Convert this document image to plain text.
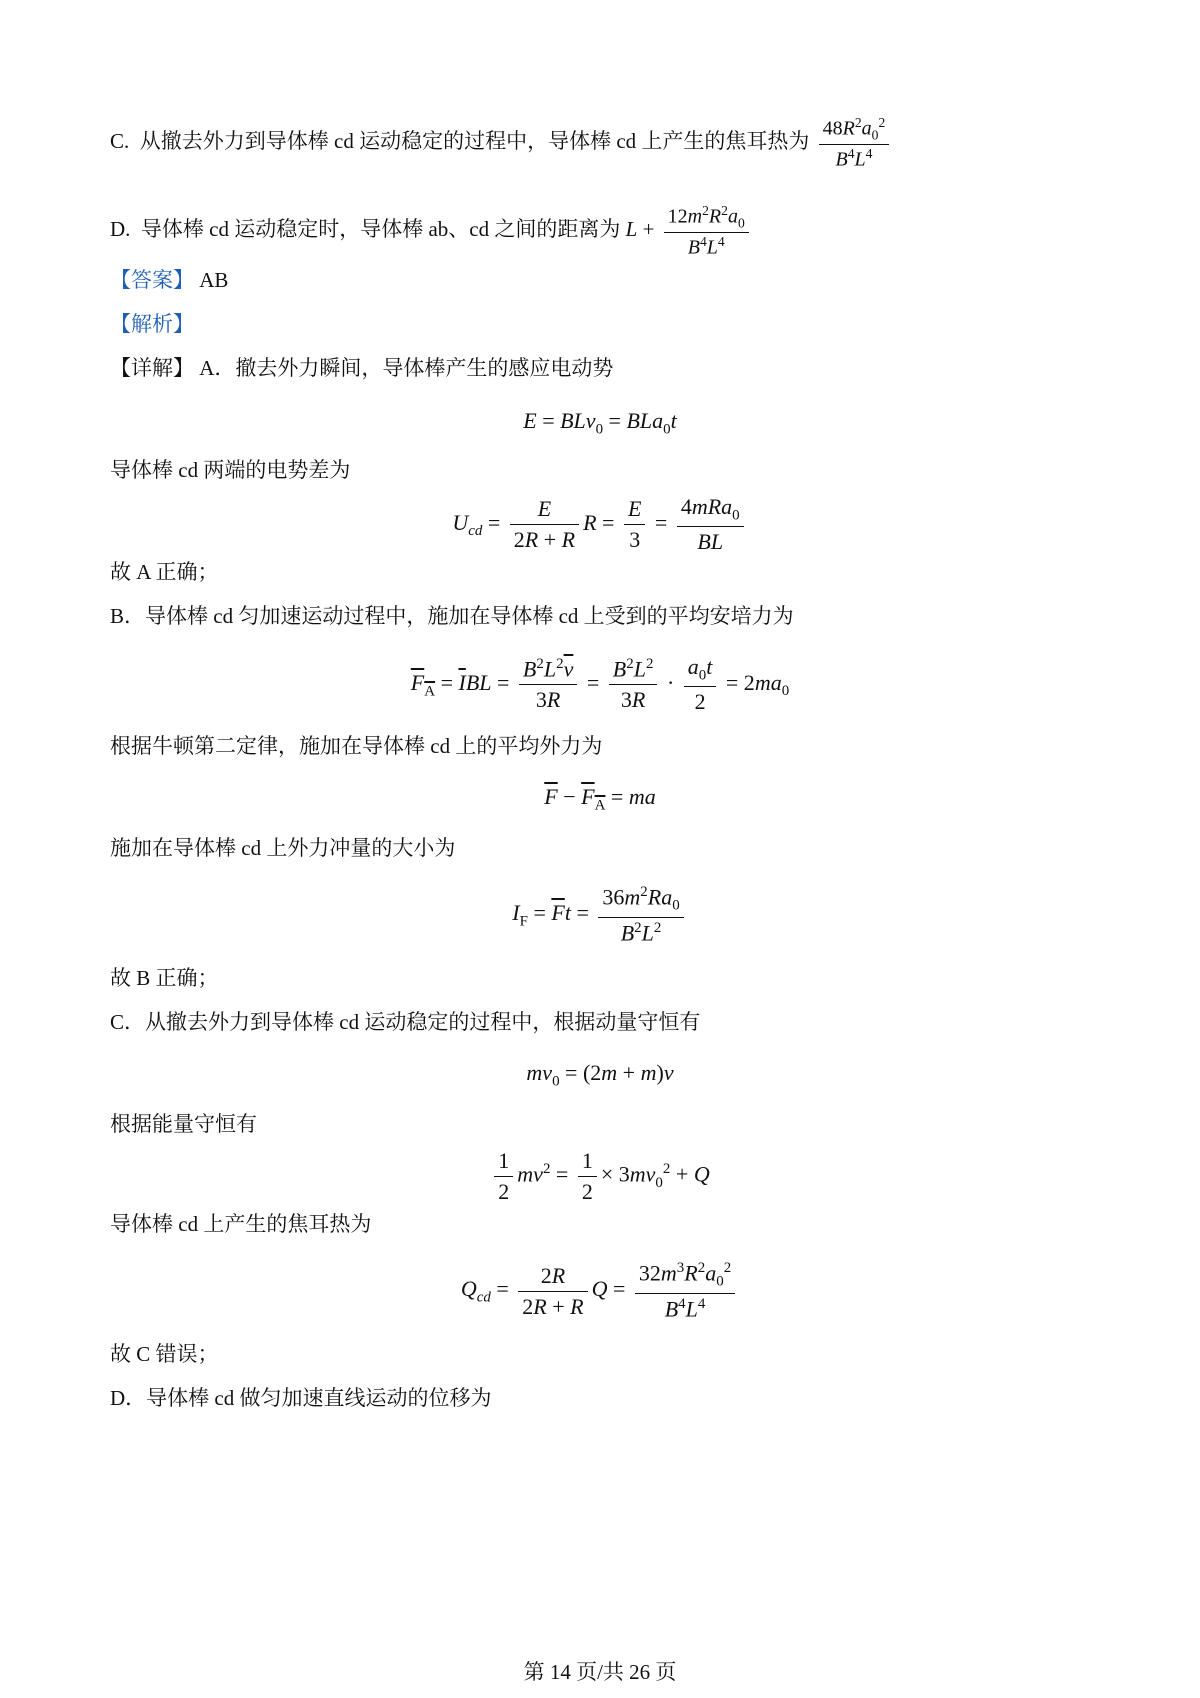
C. 从撤去外力到导体棒 cd 运动稳定的过程中，导体棒 cd 上产生的焦耳热为 $\frac{48R^2a_0^2}{B^4L^4}$
D. 导体棒 cd 运动稳定时，导体棒 ab、cd 之间的距离为 $L + \frac{12m^2R^2a_0}{B^4L^4}$
【答案】 AB
【解析】
【详解】 A．撤去外力瞬间，导体棒产生的感应电动势
E = BLv$_0$ = BLa$_0$t
导体棒 cd 两端的电势差为
$U_{cd} = \frac{E}{2R + R}$ $R = \frac{E}{3} = \frac{4mRa_0}{BL}$
故 A 正确；
B．导体棒 cd 匀加速运动过程中，施加在导体棒 cd 上受到的平均安培力为
$F_A = \overline{I}BL = \frac{B^2L^2\overline{v}}{3R} = \frac{B^2L^2}{3R} \cdot \frac{a_0t}{2} = 2ma_0$
根据牛顿第二定律，施加在导体棒 cd 上的平均外力为
$\overline{F} - F_A$ = ma
施加在导体棒 cd 上外力冲量的大小为
$I_F = \overline{F}t = \frac{36m^2Ra_0}{B^2L^2}$
故 B 正确；
C．从撤去外力到导体棒 cd 运动稳定的过程中，根据动量守恒有
$mv_0 = (2m + m)v$
根据能量守恒有
$\frac{1}{2} mv^2 = \frac{1}{2} \times 3mv_0^2 + Q$
导体棒 cd 上产生的焦耳热为
$Q_{cd} = \frac{2R}{2R + R}$ $Q = \frac{32m^3R^2a_0^2}{B^4L^4}$
故 C 错误；
D．导体棒 cd 做匀加速直线运动的位移为
第 14 页/共 26 页
